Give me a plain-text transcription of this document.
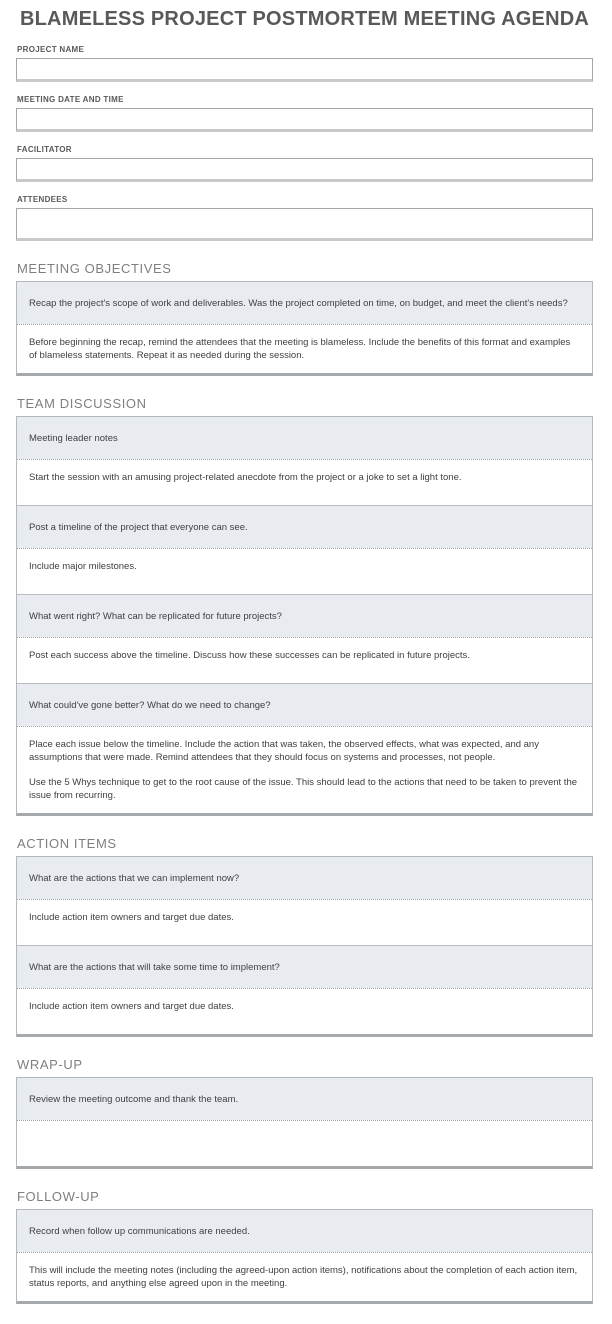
BLAMELESS PROJECT POSTMORTEM MEETING AGENDA
PROJECT NAME
MEETING DATE AND TIME
FACILITATOR
ATTENDEES
MEETING OBJECTIVES

Recap the project's scope of work and deliverables. Was the project completed on time, on budget, and meet the client's needs?

Before beginning the recap, remind the attendees that the meeting is blameless. Include the benefits of this format and examples of blameless statements. Repeat it as needed during the session.

TEAM DISCUSSION

Meeting leader notes

Start the session with an amusing project-related anecdote from the project or a joke to set a light tone.

Post a timeline of the project that everyone can see.

Include major milestones.

What went right? What can be replicated for future projects?

Post each success above the timeline. Discuss how these successes can be replicated in future projects.

What could've gone better? What do we need to change?

Place each issue below the timeline. Include the action that was taken, the observed effects, what was expected, and any assumptions that were made. Remind attendees that they should focus on systems and processes, not people.

Use the 5 Whys technique to get to the root cause of the issue. This should lead to the actions that need to be taken to prevent the issue from recurring.

ACTION ITEMS

What are the actions that we can implement now?

Include action item owners and target due dates.

What are the actions that will take some time to implement?

Include action item owners and target due dates.

WRAP-UP

Review the meeting outcome and thank the team.

FOLLOW-UP

Record when follow up communications are needed.

This will include the meeting notes (including the agreed-upon action items), notifications about the completion of each action item, status reports, and anything else agreed upon in the meeting.
